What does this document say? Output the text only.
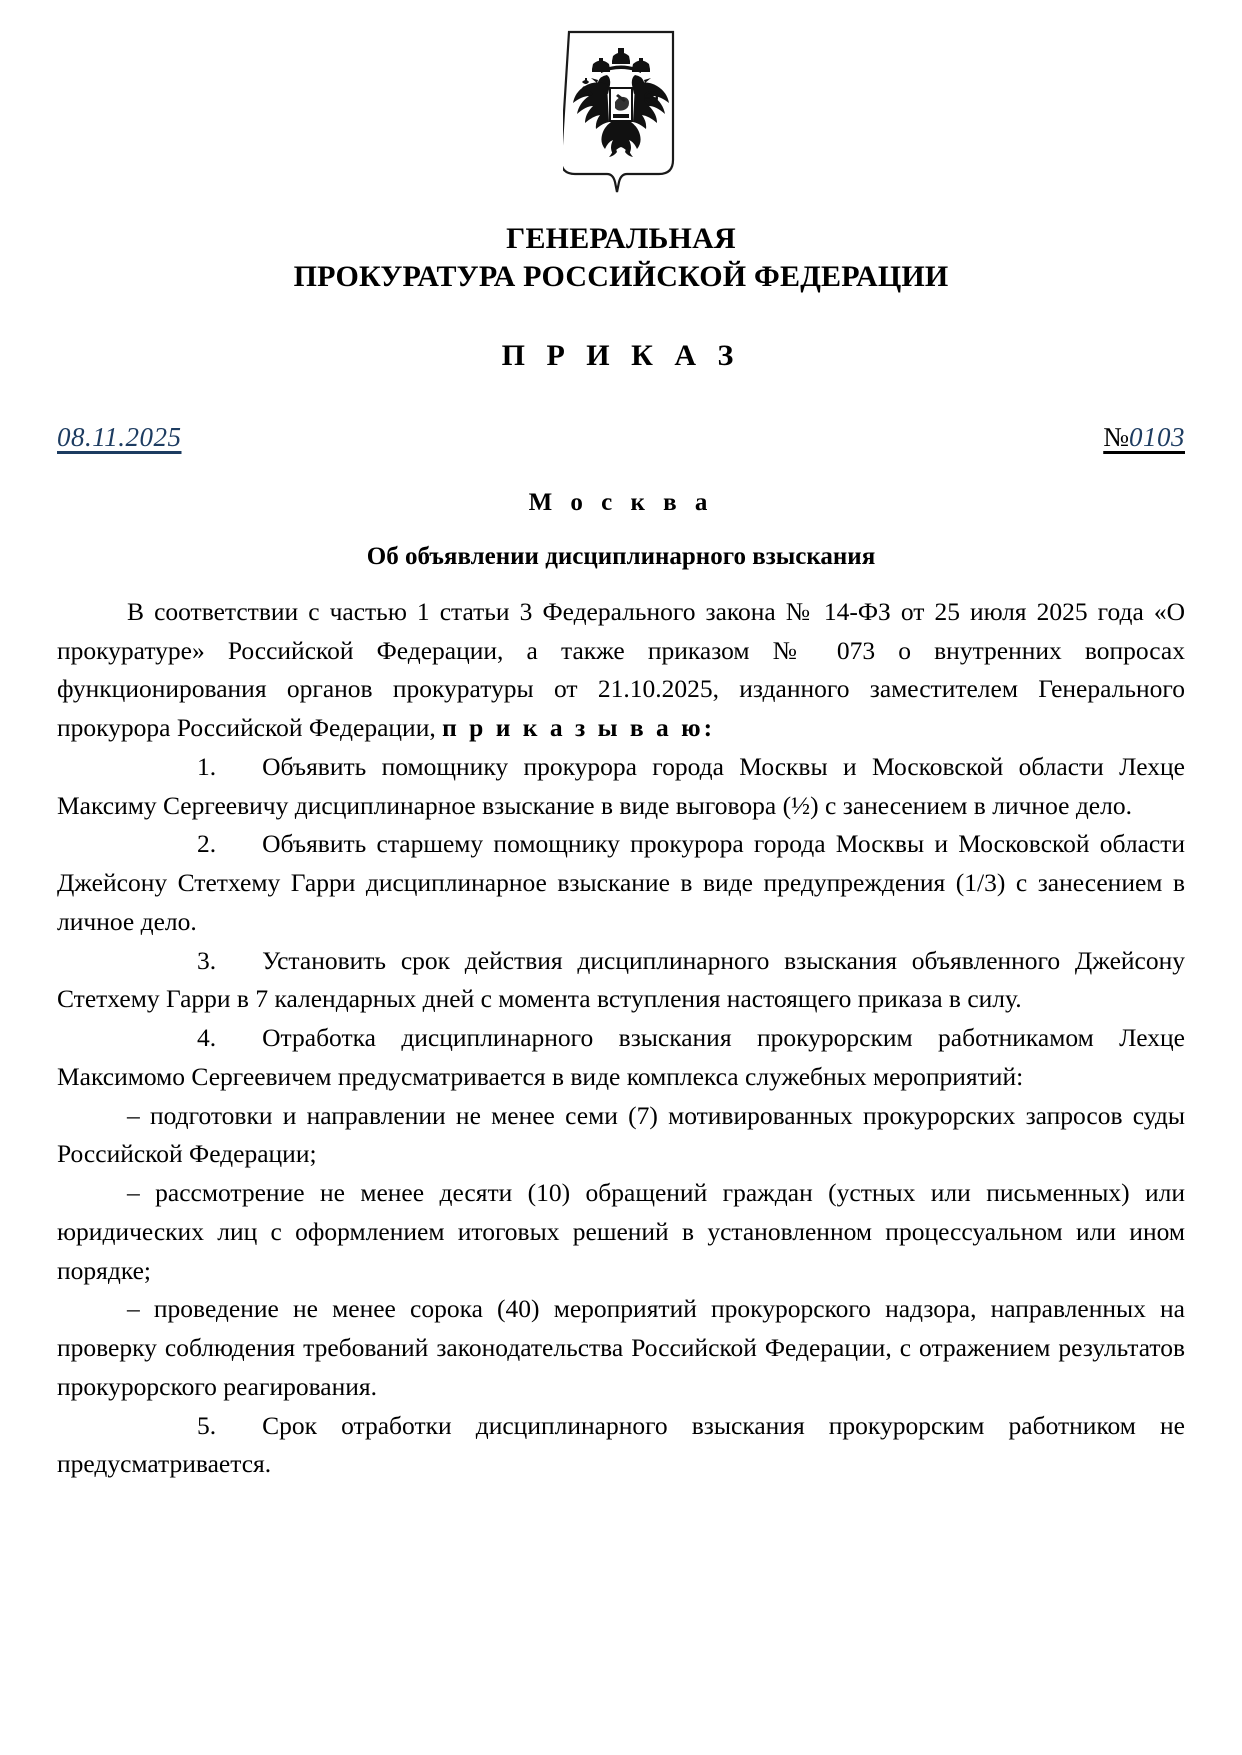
ГЕНЕРАЛЬНАЯ
ПРОКУРАТУРА РОССИЙСКОЙ ФЕДЕРАЦИИ
П Р И К А З
08.11.2025	№0103
М о с к в а
Об объявлении дисциплинарного взыскания

В соответствии с частью 1 статьи 3 Федерального закона № 14-ФЗ от 25 июля 2025 года «О прокуратуре» Российской Федерации, а также приказом № 073 о внутренних вопросах функционирования органов прокуратуры от 21.10.2025, изданного заместителем Генерального прокурора Российской Федерации, п р и к а з ы в а ю:

1. Объявить помощнику прокурора города Москвы и Московской области Лехце Максиму Сергеевичу дисциплинарное взыскание в виде выговора (½) с занесением в личное дело.

2. Объявить старшему помощнику прокурора города Москвы и Московской области Джейсону Стетхему Гарри дисциплинарное взыскание в виде предупреждения (1/3) с занесением в личное дело.

3. Установить срок действия дисциплинарного взыскания объявленного Джейсону Стетхему Гарри в 7 календарных дней с момента вступления настоящего приказа в силу.

4. Отработка дисциплинарного взыскания прокурорским работникамом Лехце Максимомо Сергеевичем предусматривается в виде комплекса служебных мероприятий:

– подготовки и направлении не менее семи (7) мотивированных прокурорских запросов суды Российской Федерации;

– рассмотрение не менее десяти (10) обращений граждан (устных или письменных) или юридических лиц с оформлением итоговых решений в установленном процессуальном или ином порядке;

– проведение не менее сорока (40) мероприятий прокурорского надзора, направленных на проверку соблюдения требований законодательства Российской Федерации, с отражением результатов прокурорского реагирования.

5. Срок отработки дисциплинарного взыскания прокурорским работником не предусматривается.
